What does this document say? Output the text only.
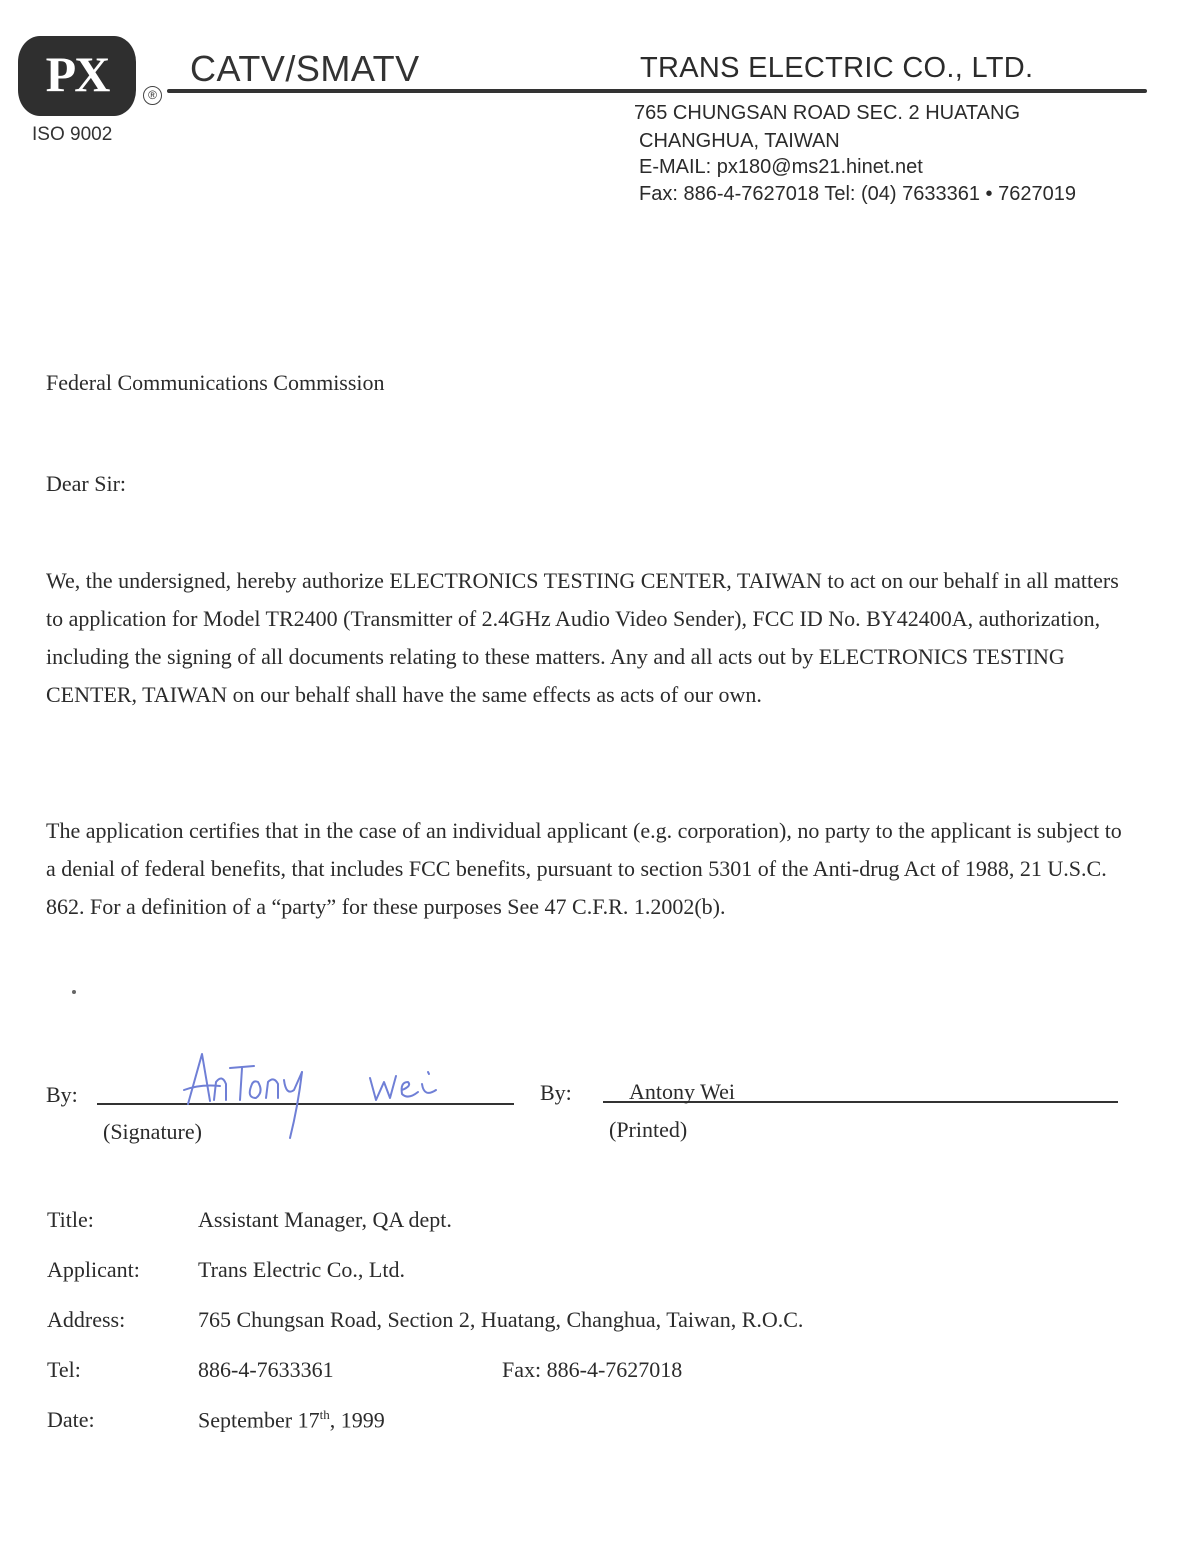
PX	®
ISO 9002
CATV/SMATV	TRANS ELECTRIC CO., LTD.
765 CHUNGSAN ROAD SEC. 2 HUATANG
CHANGHUA, TAIWAN
E-MAIL: px180@ms21.hinet.net
Fax: 886-4-7627018 Tel: (04) 7633361 • 7627019
Federal Communications Commission
Dear Sir:
We, the undersigned, hereby authorize ELECTRONICS TESTING CENTER, TAIWAN to act on our behalf in all matters to application for Model TR2400 (Transmitter of 2.4GHz Audio Video Sender), FCC ID No. BY42400A, authorization, including the signing of all documents relating to these matters. Any and all acts out by ELECTRONICS TESTING CENTER, TAIWAN on our behalf shall have the same effects as acts of our own.
The application certifies that in the case of an individual applicant (e.g. corporation), no party to the applicant is subject to a denial of federal benefits, that includes FCC benefits, pursuant to section 5301 of the Anti-drug Act of 1988, 21 U.S.C. 862. For a definition of a “party” for these purposes See 47 C.F.R. 1.2002(b).
By:
Antony Wei
(Signature)
By:	Antony Wei
(Printed)
Title:	Assistant Manager, QA dept.
Applicant:	Trans Electric Co., Ltd.
Address:	765 Chungsan Road, Section 2, Huatang, Changhua, Taiwan, R.O.C.
Tel:	886-4-7633361	Fax: 886-4-7627018
Date:	September 17th, 1999
